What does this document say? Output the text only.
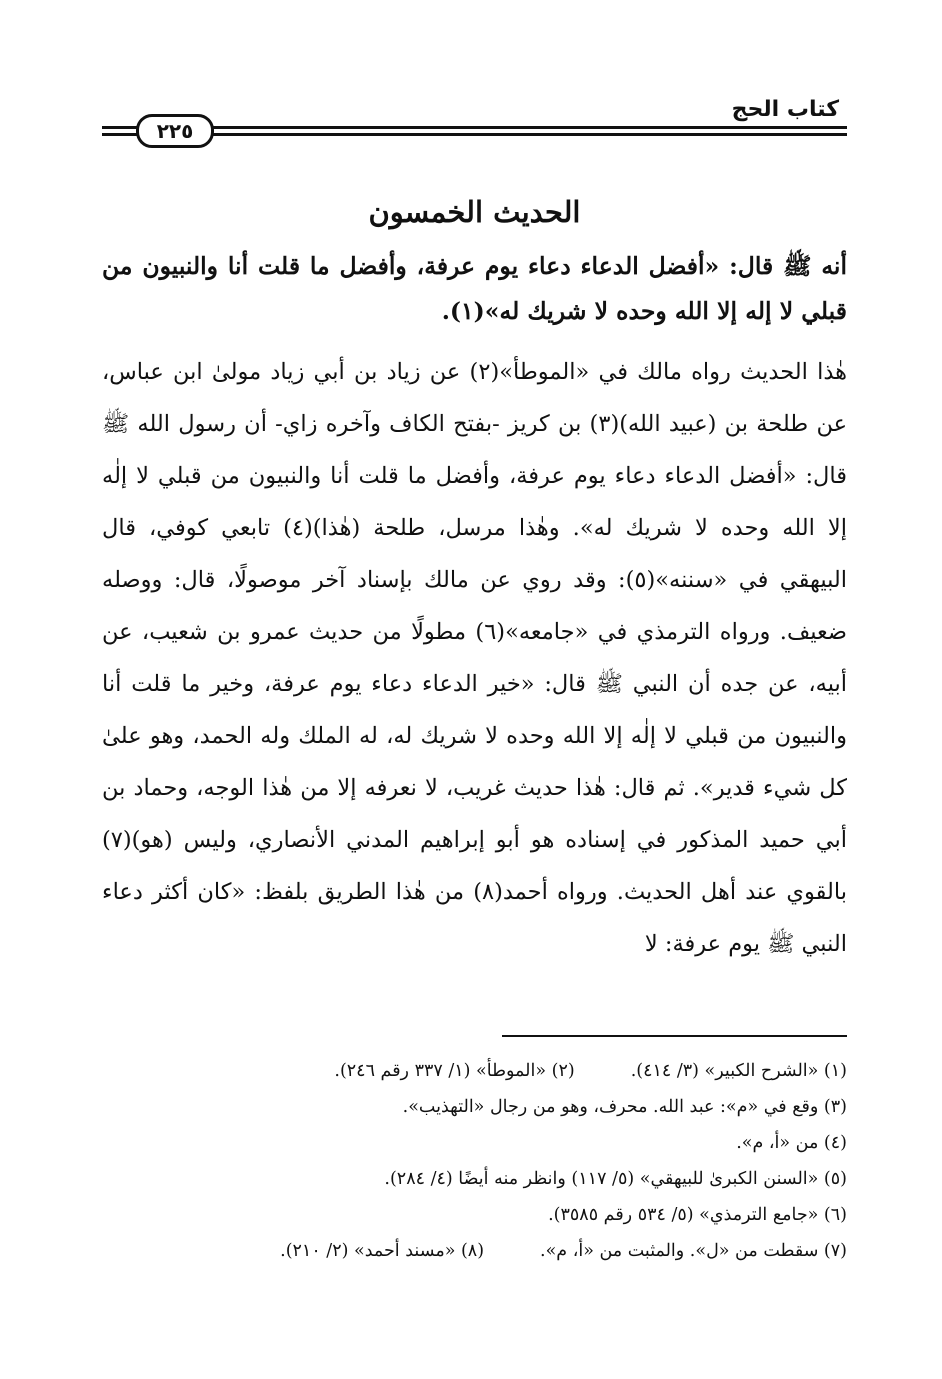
كتاب الحج
٢٢٥
الحديث الخمسون

أنه ﷺ قال: «أفضل الدعاء دعاء يوم عرفة، وأفضل ما قلت أنا والنبيون من قبلي لا إله إلا الله وحده لا شريك له»(١).

هٰذا الحديث رواه مالك في «الموطأ»(٢) عن زياد بن أبي زياد مولىٰ ابن عباس، عن طلحة بن (عبيد الله)(٣) بن كريز -بفتح الكاف وآخره زاي- أن رسول الله ﷺ قال: «أفضل الدعاء دعاء يوم عرفة، وأفضل ما قلت أنا والنبيون من قبلي لا إلٰه إلا الله وحده لا شريك له». وهٰذا مرسل، طلحة (هٰذا)(٤) تابعي كوفي، قال البيهقي في «سننه»(٥): وقد روي عن مالك بإسناد آخر موصولًا، قال: ووصله ضعيف. ورواه الترمذي في «جامعه»(٦) مطولًا من حديث عمرو بن شعيب، عن أبيه، عن جده أن النبي ﷺ قال: «خير الدعاء دعاء يوم عرفة، وخير ما قلت أنا والنبيون من قبلي لا إلٰه إلا الله وحده لا شريك له، له الملك وله الحمد، وهو علىٰ كل شيء قدير». ثم قال: هٰذا حديث غريب، لا نعرفه إلا من هٰذا الوجه، وحماد بن أبي حميد المذكور في إسناده هو أبو إبراهيم المدني الأنصاري، وليس (هو)(٧) بالقوي عند أهل الحديث. ورواه أحمد(٨) من هٰذا الطريق بلفظ: «كان أكثر دعاء النبي ﷺ يوم عرفة: لا

(١) «الشرح الكبير» (٣/ ٤١٤).(٢) «الموطأ» (١/ ٣٣٧ رقم ٢٤٦).
(٣) وقع في «م»: عبد الله. محرف، وهو من رجال «التهذيب».
(٤) من «أ، م».
(٥) «السنن الكبرىٰ للبيهقي» (٥/ ١١٧) وانظر منه أيضًا (٤/ ٢٨٤).
(٦) «جامع الترمذي» (٥/ ٥٣٤ رقم ٣٥٨٥).
(٧) سقطت من «ل». والمثبت من «أ، م».(٨) «مسند أحمد» (٢/ ٢١٠).
